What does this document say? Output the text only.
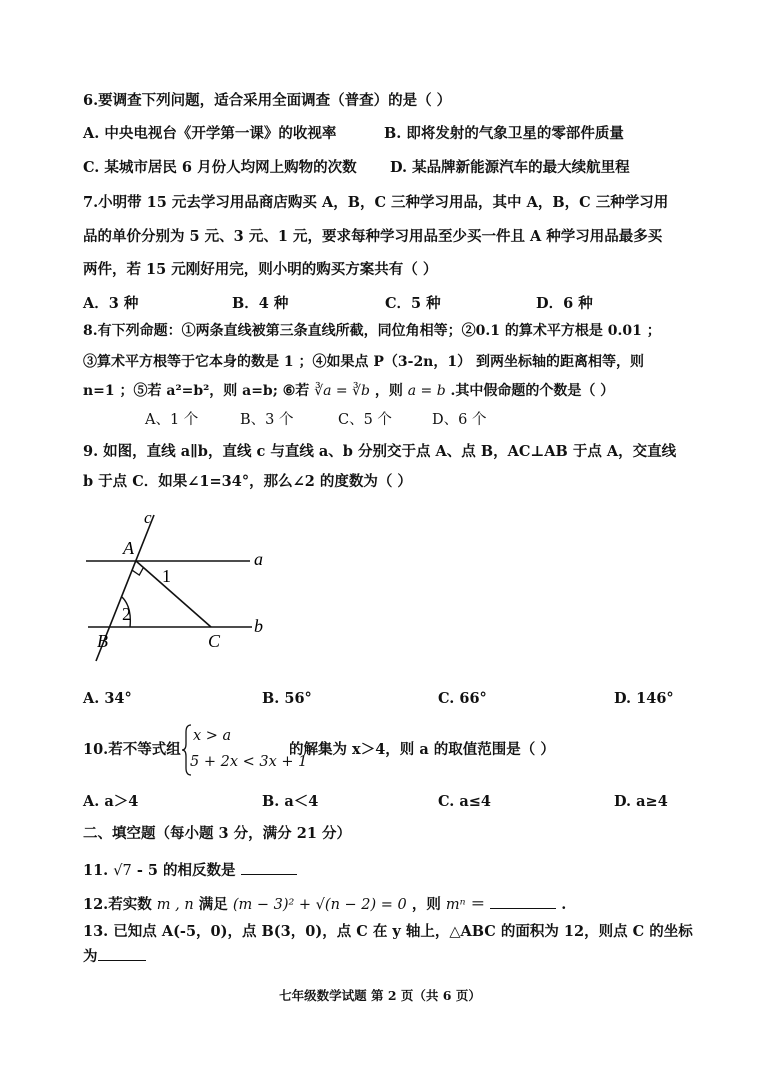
6.要调查下列问题，适合采用全面调查（普查）的是（ ）
A. 中央电视台《开学第一课》的收视率	B. 即将发射的气象卫星的零部件质量
C. 某城市居民 6 月份人均网上购物的次数 D. 某品牌新能源汽车的最大续航里程
7.小明带 15 元去学习用品商店购买 A，B，C 三种学习用品，其中 A，B，C 三种学习用
品的单价分别为 5 元、3 元、1 元，要求每种学习用品至少买一件且 A 种学习用品最多买
两件，若 15 元刚好用完，则小明的购买方案共有（ ）
A．3 种	B．4 种	C．5 种	D．6 种
8.有下列命题：①两条直线被第三条直线所截，同位角相等；②0.1 的算术平方根是 0.01 ；
③算术平方根等于它本身的数是 1 ；④如果点 P（3-2n，1） 到两坐标轴的距离相等，则
n=1 ；⑤若 a²=b²，则 a=b; ⑥若 ∛a = ∛b ，则 a = b .其中假命题的个数是（ ）
A、1 个	B、3 个	C、5 个	D、6 个
9. 如图，直线 a∥b，直线 c 与直线 a、b 分别交于点 A、点 B，AC⊥AB 于点 A，交直线
b 于点 C．如果∠1=34°，那么∠2 的度数为（ ）
c
A
a
1
2
B	C
b
A. 34°	B. 56°	C. 66°	D. 146°
10.若不等式组
x > a
5 + 2x < 3x + 1
的解集为 x＞4，则 a 的取值范围是（ ）
A. a＞4	B. a＜4	C. a≤4	D. a≥4
二、填空题（每小题 3 分，满分 21 分）
11. √7 - 5 的相反数是
12.若实数 m , n 满足 (m − 3)² + √(n − 2) = 0 ，则 mⁿ ＝	.
13. 已知点 A(-5，0)，点 B(3，0)，点 C 在 y 轴上，△ABC 的面积为 12，则点 C 的坐标
为
七年级数学试题 第 2 页（共 6 页）
